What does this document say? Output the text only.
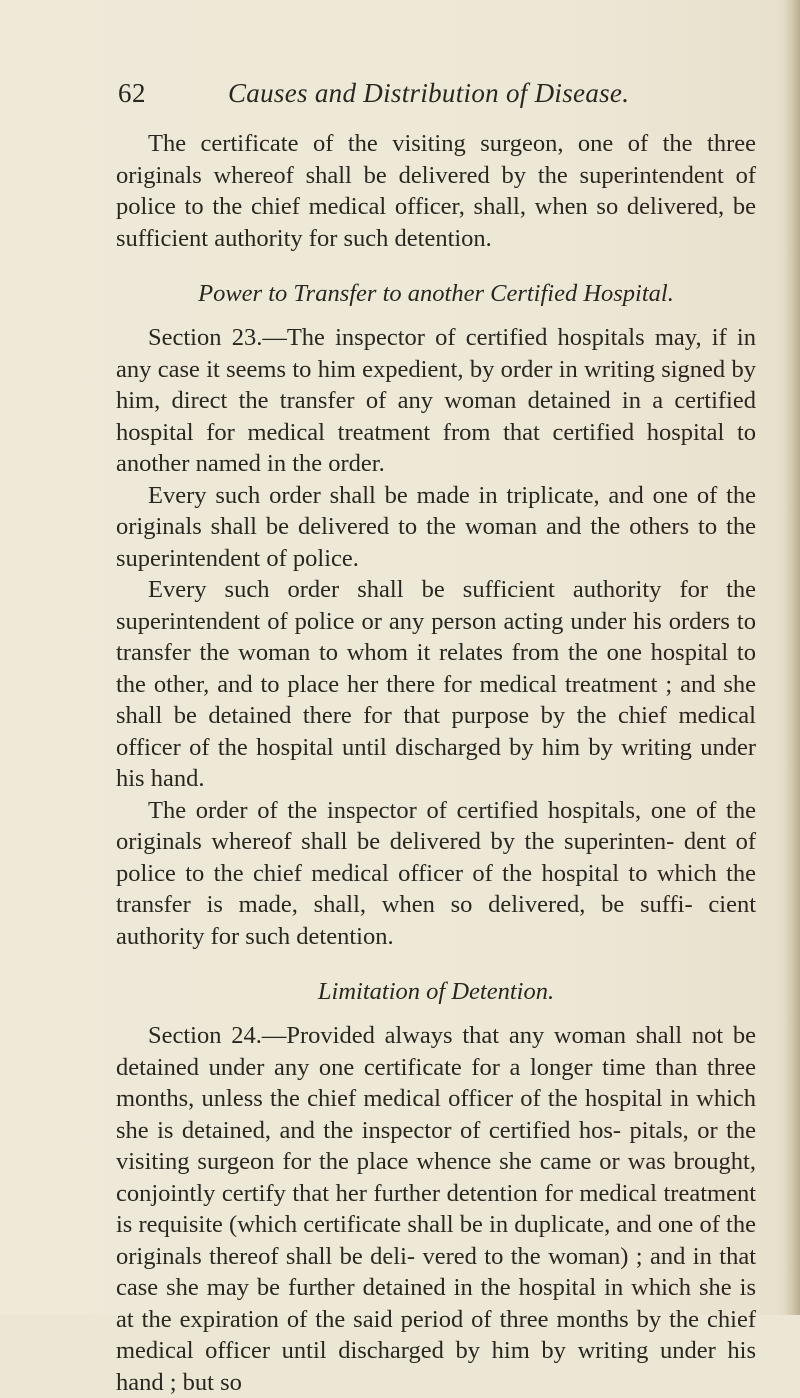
62	Causes and Distribution of Disease.

The certificate of the visiting surgeon, one of the three originals whereof shall be delivered by the superintendent of police to the chief medical officer, shall, when so delivered, be sufficient authority for such detention.

Power to Transfer to another Certified Hospital.

Section 23.—The inspector of certified hospitals may, if in any case it seems to him expedient, by order in writing signed by him, direct the transfer of any woman detained in a certified hospital for medical treatment from that certified hospital to another named in the order.

Every such order shall be made in triplicate, and one of the originals shall be delivered to the woman and the others to the superintendent of police.

Every such order shall be sufficient authority for the superintendent of police or any person acting under his orders to transfer the woman to whom it relates from the one hospital to the other, and to place her there for medical treatment ; and she shall be detained there for that purpose by the chief medical officer of the hospital until discharged by him by writing under his hand.

The order of the inspector of certified hospitals, one of the originals whereof shall be delivered by the superinten- dent of police to the chief medical officer of the hospital to which the transfer is made, shall, when so delivered, be suffi- cient authority for such detention.

Limitation of Detention.

Section 24.—Provided always that any woman shall not be detained under any one certificate for a longer time than three months, unless the chief medical officer of the hospital in which she is detained, and the inspector of certified hos- pitals, or the visiting surgeon for the place whence she came or was brought, conjointly certify that her further detention for medical treatment is requisite (which certificate shall be in duplicate, and one of the originals thereof shall be deli- vered to the woman) ; and in that case she may be further detained in the hospital in which she is at the expiration of the said period of three months by the chief medical officer until discharged by him by writing under his hand ; but so
